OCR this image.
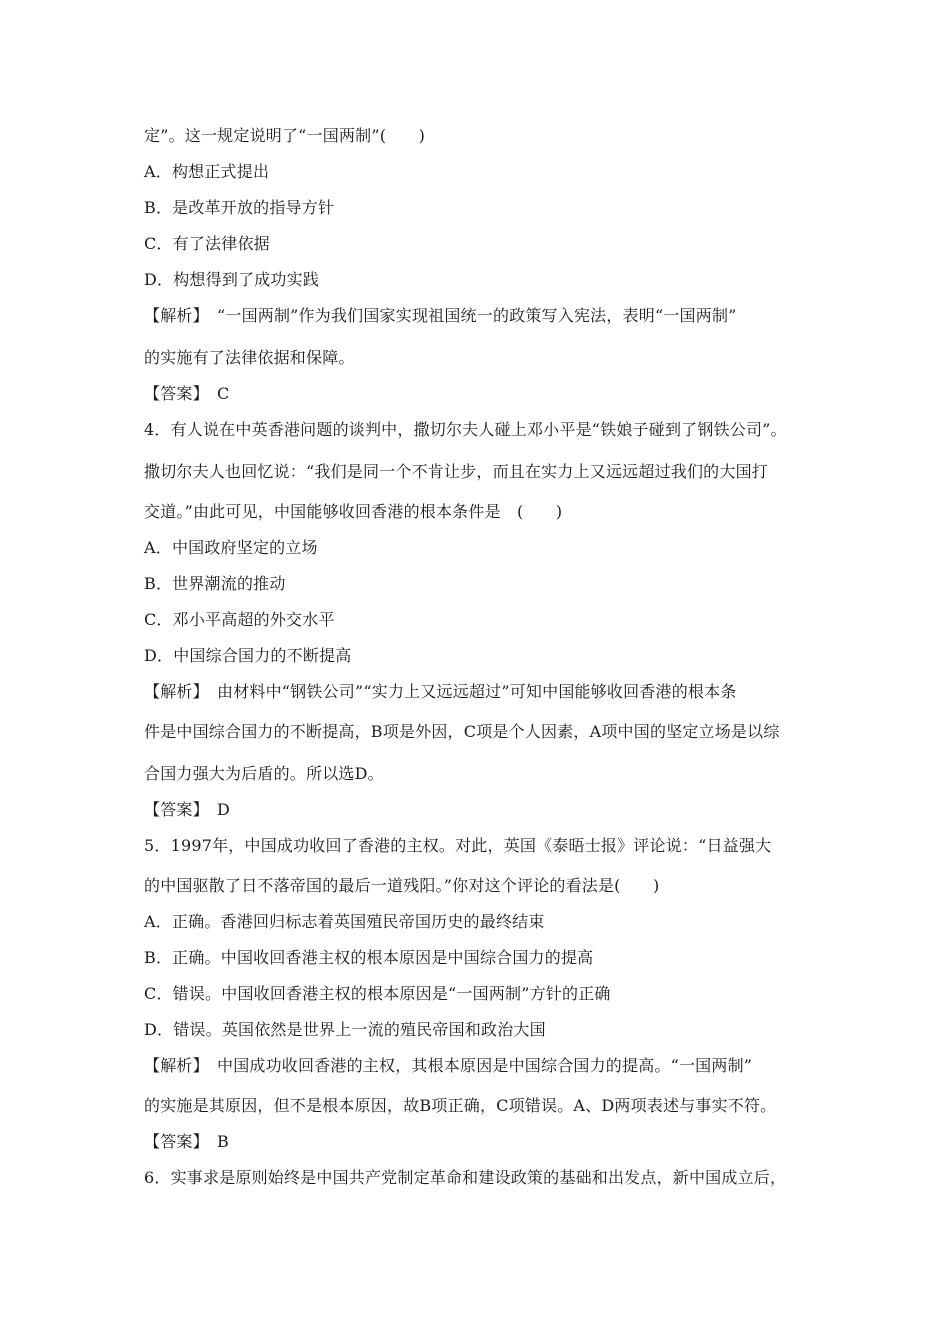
定”。这一规定说明了“一国两制”(　　)
A．构想正式提出
B．是改革开放的指导方针
C．有了法律依据
D．构想得到了成功实践
【解析】　“一国两制”作为我们国家实现祖国统一的政策写入宪法，表明“一国两制”
的实施有了法律依据和保障。
【答案】　C
4．有人说在中英香港问题的谈判中，撒切尔夫人碰上邓小平是“铁娘子碰到了钢铁公司”。
撒切尔夫人也回忆说：“我们是同一个不肯让步，而且在实力上又远远超过我们的大国打
交道。”由此可见，中国能够收回香港的根本条件是　(　　)
A．中国政府坚定的立场
B．世界潮流的推动
C．邓小平高超的外交水平
D．中国综合国力的不断提高
【解析】　由材料中“钢铁公司”“实力上又远远超过”可知中国能够收回香港的根本条
件是中国综合国力的不断提高，B项是外因，C项是个人因素，A项中国的坚定立场是以综
合国力强大为后盾的。所以选D。
【答案】　D
5．1997年，中国成功收回了香港的主权。对此，英国《泰晤士报》评论说：“日益强大
的中国驱散了日不落帝国的最后一道残阳。”你对这个评论的看法是(　　)
A．正确。香港回归标志着英国殖民帝国历史的最终结束
B．正确。中国收回香港主权的根本原因是中国综合国力的提高
C．错误。中国收回香港主权的根本原因是“一国两制”方针的正确
D．错误。英国依然是世界上一流的殖民帝国和政治大国
【解析】　中国成功收回香港的主权，其根本原因是中国综合国力的提高。“一国两制”
的实施是其原因，但不是根本原因，故B项正确，C项错误。A、D两项表述与事实不符。
【答案】　B
6．实事求是原则始终是中国共产党制定革命和建设政策的基础和出发点，新中国成立后，
